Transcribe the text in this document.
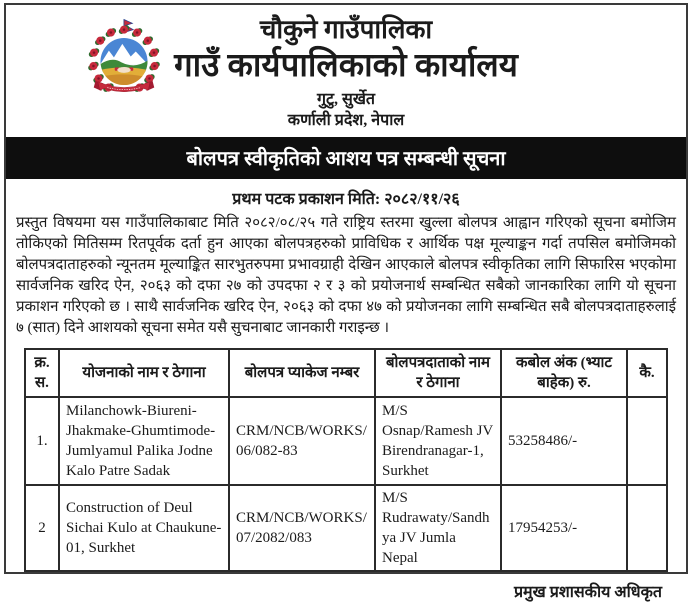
चौकुने गाउँपालिका
गाउँ कार्यपालिकाको कार्यालय
गुटु, सुर्खेत
कर्णाली प्रदेश, नेपाल
बोलपत्र स्वीकृतिको आशय पत्र सम्बन्धी सूचना
प्रथम पटक प्रकाशन मिति: २०८२/११/२६
प्रस्तुत विषयमा यस गाउँपालिकाबाट मिति २०८२/०८/२५ गते राष्ट्रिय स्तरमा खुल्ला बोलपत्र आह्वान गरिएको सूचना बमोजिम तोकिएको मितिसम्म रितपूर्वक दर्ता हुन आएका बोलपत्रहरुको प्राविधिक र आर्थिक पक्ष मूल्याङ्कन गर्दा तपसिल बमोजिमको बोलपत्रदाताहरुको न्यूनतम मूल्याङ्कित सारभुतरुपमा प्रभावग्राही देखिन आएकाले बोलपत्र स्वीकृतिका लागि सिफारिस भएकोमा सार्वजनिक खरिद ऐन, २०६३ को दफा २७ को उपदफा २ र ३ को प्रयोजनार्थ सम्बन्धित सबैको जानकारिका लागि यो सूचना प्रकाशन गरिएको छ । साथै सार्वजनिक खरिद ऐन, २०६३ को दफा ४७ को प्रयोजनका लागि सम्बन्धित सबै बोलपत्रदाताहरुलाई ७ (सात) दिने आशयको सूचना समेत यसै सुचनाबाट जानकारी गराइन्छ ।
क्र. स.	योजनाको नाम र ठेगाना	बोलपत्र प्याकेज नम्बर	बोलपत्रदाताको नाम र ठेगाना	कबोल अंक (भ्याट बाहेक) रु.	कै.
1.	Milanchowk-Biureni-Jhakmake-Ghumtimode-Jumlyamul Palika Jodne Kalo Patre Sadak	CRM/NCB/WORKS/06/082-83	M/S Osnap/Ramesh JV Birendranagar-1, Surkhet	53258486/-	
2	Construction of Deul Sichai Kulo at Chaukune-01, Surkhet	CRM/NCB/WORKS/07/2082/083	M/S Rudrawaty/Sandhya JV Jumla Nepal	17954253/-	
प्रमुख प्रशासकीय अधिकृत
